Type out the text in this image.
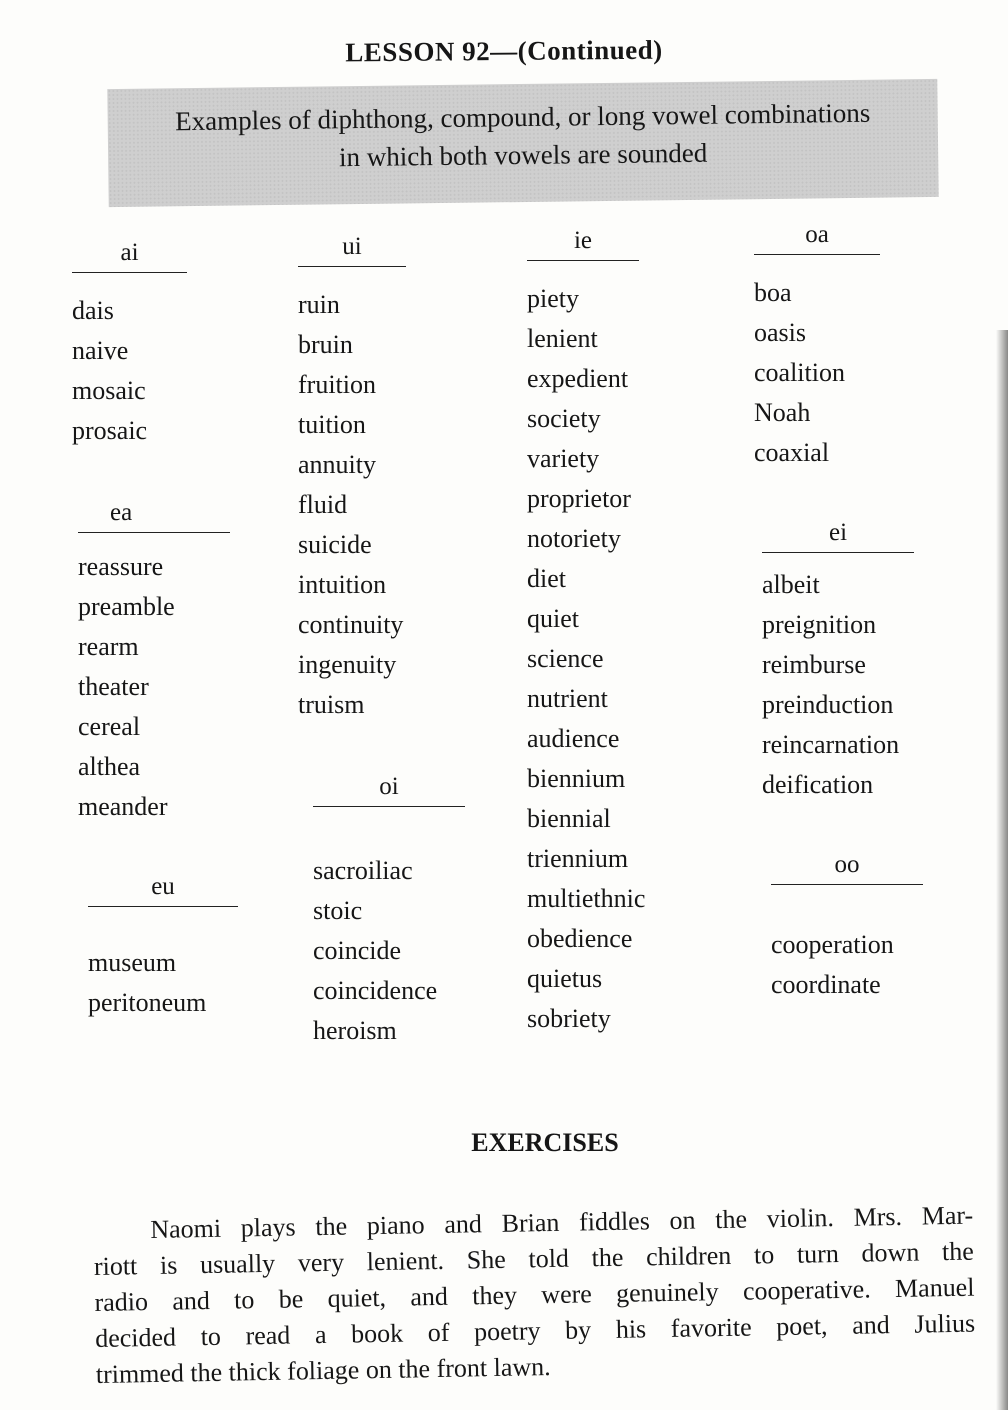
LESSON 92—(Continued)
Examples of diphthong, compound, or long vowel combinations
in which both vowels are sounded
ai
dais
naive
mosaic
prosaic
ea
reassure
preamble
rearm
theater
cereal
althea
meander
eu
museum
peritoneum
ui
ruin
bruin
fruition
tuition
annuity
fluid
suicide
intuition
continuity
ingenuity
truism
oi
sacroiliac
stoic
coincide
coincidence
heroism
ie
piety
lenient
expedient
society
variety
proprietor
notoriety
diet
quiet
science
nutrient
audience
biennium
biennial
triennium
multiethnic
obedience
quietus
sobriety
oa
boa
oasis
coalition
Noah
coaxial
ei
albeit
preignition
reimburse
preinduction
reincarnation
deification
oo
cooperation
coordinate
EXERCISES
Naomi plays the piano and Brian fiddles on the violin. Mrs. Mar-
riott is usually very lenient. She told the children to turn down the
radio and to be quiet, and they were genuinely cooperative. Manuel
decided to read a book of poetry by his favorite poet, and Julius
trimmed the thick foliage on the front lawn.
